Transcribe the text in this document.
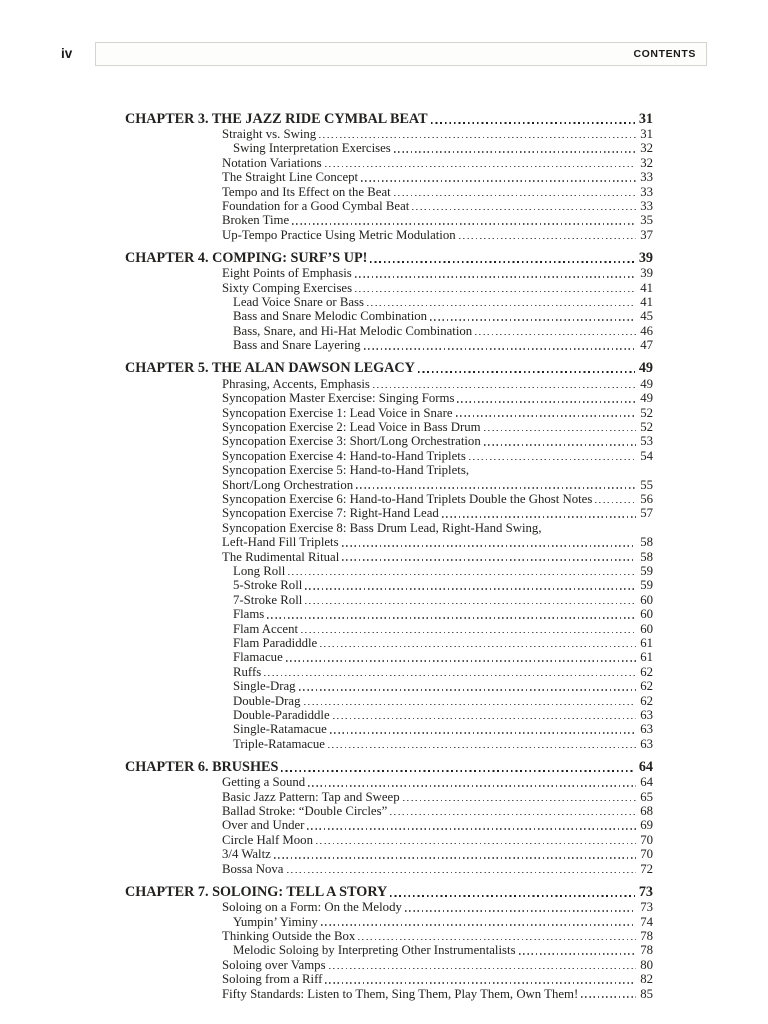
iv	CONTENTS
CHAPTER 3. THE JAZZ RIDE CYMBAL BEAT	31
Straight vs. Swing	31
Swing Interpretation Exercises	32
Notation Variations	32
The Straight Line Concept	33
Tempo and Its Effect on the Beat	33
Foundation for a Good Cymbal Beat	33
Broken Time	35
Up-Tempo Practice Using Metric Modulation	37
CHAPTER 4. COMPING: SURF’S UP!	39
Eight Points of Emphasis	39
Sixty Comping Exercises	41
Lead Voice Snare or Bass	41
Bass and Snare Melodic Combination	45
Bass, Snare, and Hi-Hat Melodic Combination	46
Bass and Snare Layering	47
CHAPTER 5. THE ALAN DAWSON LEGACY	49
Phrasing, Accents, Emphasis	49
Syncopation Master Exercise: Singing Forms	49
Syncopation Exercise 1: Lead Voice in Snare	52
Syncopation Exercise 2: Lead Voice in Bass Drum	52
Syncopation Exercise 3: Short/Long Orchestration	53
Syncopation Exercise 4: Hand-to-Hand Triplets	54
Syncopation Exercise 5: Hand-to-Hand Triplets,
Short/Long Orchestration	55
Syncopation Exercise 6: Hand-to-Hand Triplets Double the Ghost Notes	56
Syncopation Exercise 7: Right-Hand Lead	57
Syncopation Exercise 8: Bass Drum Lead, Right-Hand Swing,
Left-Hand Fill Triplets	58
The Rudimental Ritual	58
Long Roll	59
5-Stroke Roll	59
7-Stroke Roll	60
Flams	60
Flam Accent	60
Flam Paradiddle	61
Flamacue	61
Ruffs	62
Single-Drag	62
Double-Drag	62
Double-Paradiddle	63
Single-Ratamacue	63
Triple-Ratamacue	63
CHAPTER 6. BRUSHES	64
Getting a Sound	64
Basic Jazz Pattern: Tap and Sweep	65
Ballad Stroke: “Double Circles”	68
Over and Under	69
Circle Half Moon	70
3/4 Waltz	70
Bossa Nova	72
CHAPTER 7. SOLOING: TELL A STORY	73
Soloing on a Form: On the Melody	73
Yumpin’ Yiminy	74
Thinking Outside the Box	78
Melodic Soloing by Interpreting Other Instrumentalists	78
Soloing over Vamps	80
Soloing from a Riff	82
Fifty Standards: Listen to Them, Sing Them, Play Them, Own Them!	85
